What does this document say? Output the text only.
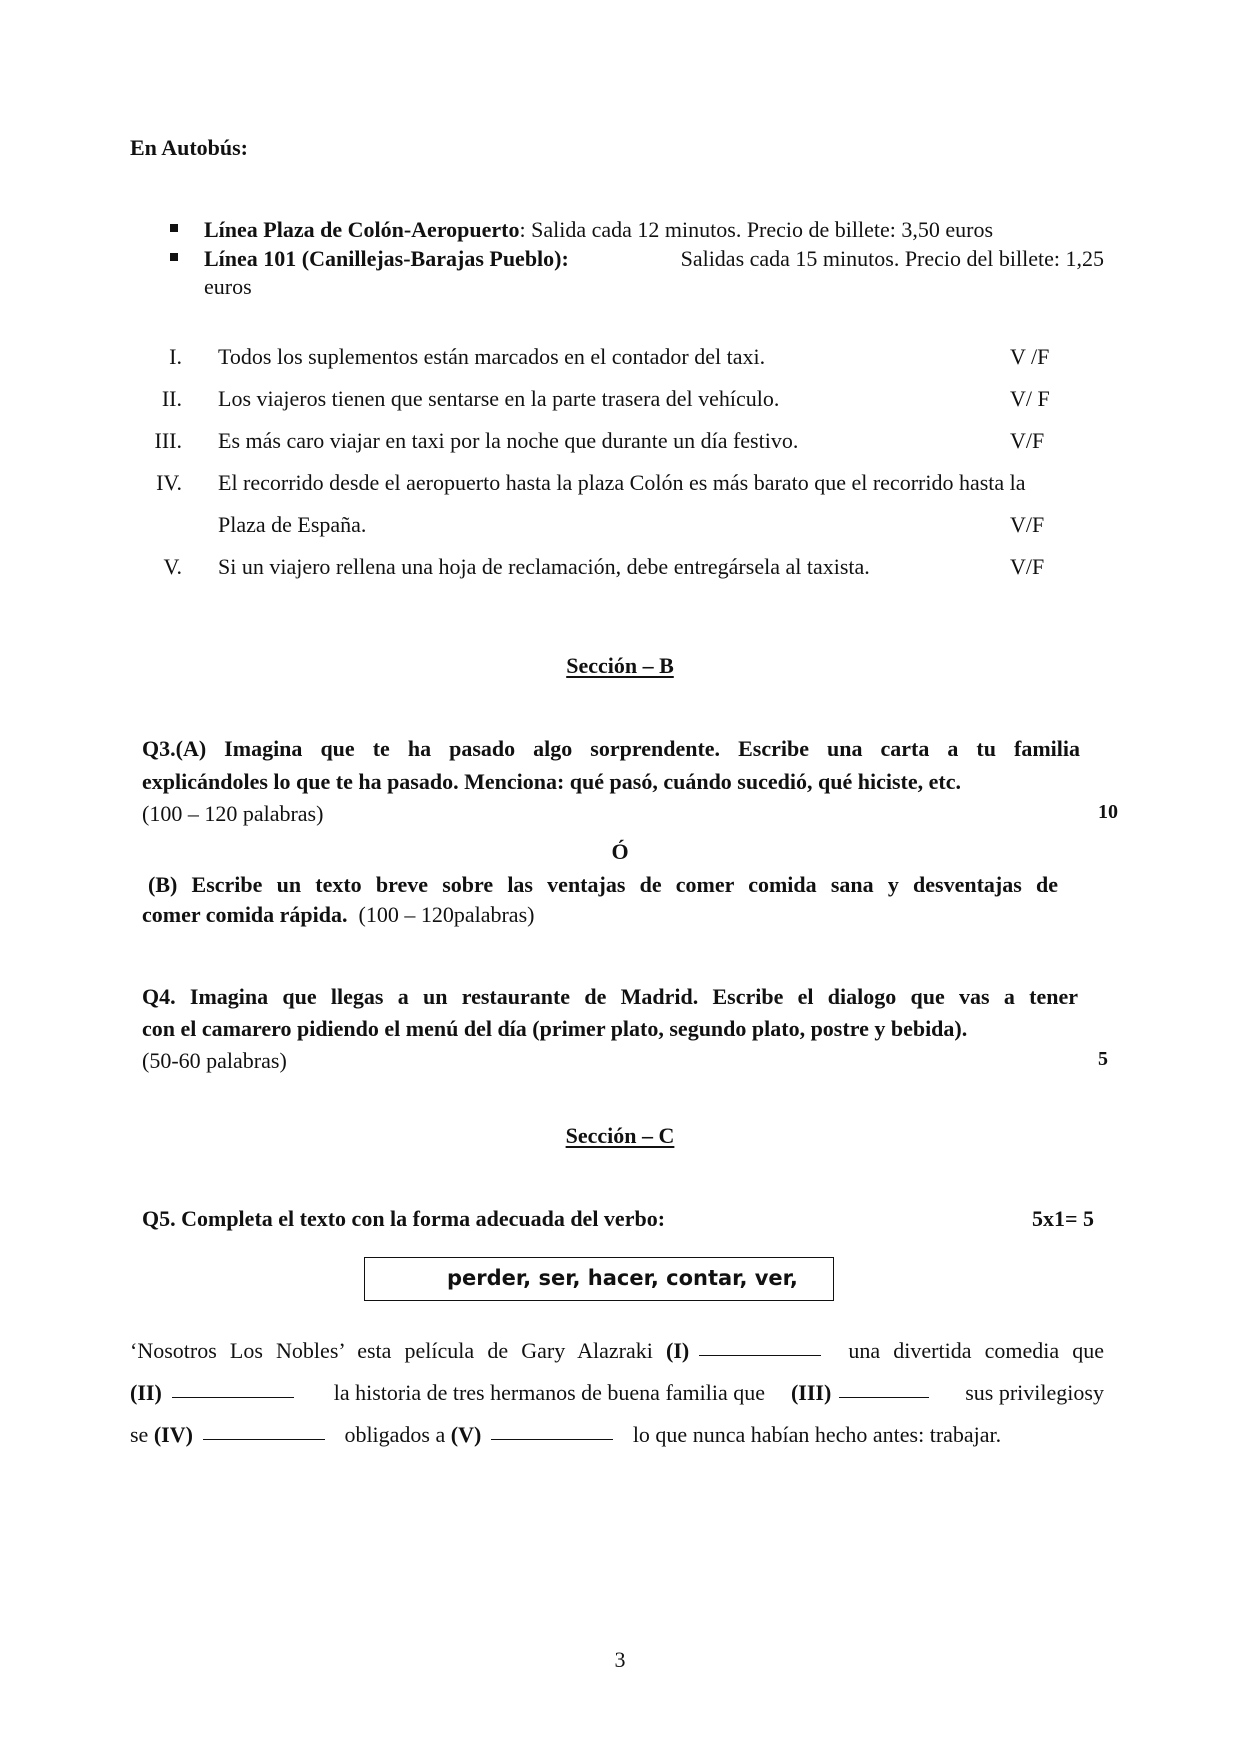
En Autobús:
Línea Plaza de Colón-Aeropuerto: Salida cada 12 minutos. Precio de billete: 3,50 euros
Línea 101 (Canillejas-Barajas Pueblo):	Salidas cada 15 minutos. Precio del billete: 1,25
euros
I. Todos los suplementos están marcados en el contador del taxi.	V /F
II. Los viajeros tienen que sentarse en la parte trasera del vehículo.	V/ F
III. Es más caro viajar en taxi por la noche que durante un día festivo.	V/F
IV. El recorrido desde el aeropuerto hasta la plaza Colón es más barato que el recorrido hasta la
Plaza de España.	V/F
V. Si un viajero rellena una hoja de reclamación, debe entregársela al taxista.	V/F
Sección – B
Q3.(A) Imagina que te ha pasado algo sorprendente. Escribe una carta a tu familia
explicándoles lo que te ha pasado. Menciona: qué pasó, cuándo sucedió, qué hiciste, etc.
(100 – 120 palabras)	10
Ó
(B) Escribe un texto breve sobre las ventajas de comer comida sana y desventajas de
comer comida rápida. (100 – 120palabras)
Q4. Imagina que llegas a un restaurante de Madrid. Escribe el dialogo que vas a tener
con el camarero pidiendo el menú del día (primer plato, segundo plato, postre y bebida).
(50-60 palabras)	5
Sección – C
Q5. Completa el texto con la forma adecuada del verbo:	5x1= 5
perder, ser, hacer, contar, ver,
‘Nosotros Los Nobles’ esta película de Gary Alazraki (I)	una divertida comedia que
(II)	la historia de tres hermanos de buena familia que (III)	sus privilegiosy
se (IV)	obligados a (V)	lo que nunca habían hecho antes: trabajar.
3
